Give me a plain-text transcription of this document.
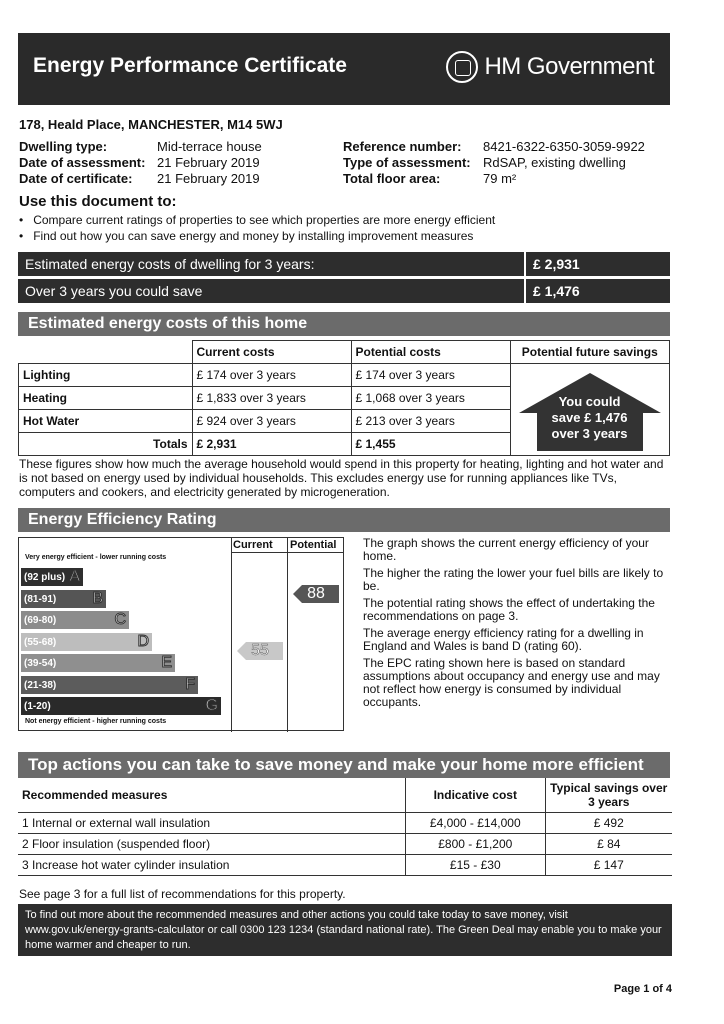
Energy Performance Certificate	HM Government
178, Heald Place, MANCHESTER, M14 5WJ
Dwelling type:	Mid-terrace house
Date of assessment: 21 February 2019
Date of certificate: 21 February 2019
Reference number: 8421-6322-6350-3059-9922
Type of assessment: RdSAP, existing dwelling
Total floor area:	79 m²
Use this document to:
•   Compare current ratings of properties to see which properties are more energy efficient
•   Find out how you can save energy and money by installing improvement measures
Estimated energy costs of dwelling for 3 years:	£ 2,931
Over 3 years you could save	£ 1,476
Estimated energy costs of this home
	Current costs	Potential costs	Potential future savings
Lighting	£ 174 over 3 years	£ 174 over 3 years	You could
save £ 1,476
over 3 years

Heating	£ 1,833 over 3 years	£ 1,068 over 3 years	
Hot Water	£ 924 over 3 years	£ 213 over 3 years	
Totals	£ 2,931	£ 1,455	
These figures show how much the average household would spend in this property for heating, lighting and hot water and is not based on energy used by individual households. This excludes energy use for running appliances like TVs, computers and cookers, and electricity generated by microgeneration.
Energy Efficiency Rating
Current Potential
Very energy efficient - lower running costs
Not energy efficient - higher running costs
(92 plus) A
(81-91) B
(69-80)	C
(55-68)	D
(39-54)	E
(21-38)	F
(1-20)	G
55
88
The graph shows the current energy efficiency of your home.
The higher the rating the lower your fuel bills are likely to be.
The potential rating shows the effect of undertaking the recommendations on page 3.
The average energy efficiency rating for a dwelling in England and Wales is band D (rating 60).
The EPC rating shown here is based on standard assumptions about occupancy and energy use and may not reflect how energy is consumed by individual occupants.
Top actions you can take to save money and make your home more efficient
Recommended measures	Indicative cost	Typical savings over 3 years
1 Internal or external wall insulation	£4,000 - £14,000	£ 492
2 Floor insulation (suspended floor)	£800 - £1,200	£ 84
3 Increase hot water cylinder insulation	£15 - £30	£ 147
See page 3 for a full list of recommendations for this property.
To find out more about the recommended measures and other actions you could take today to save money, visit www.gov.uk/energy-grants-calculator or call 0300 123 1234 (standard national rate). The Green Deal may enable you to make your home warmer and cheaper to run.
Page 1 of 4
